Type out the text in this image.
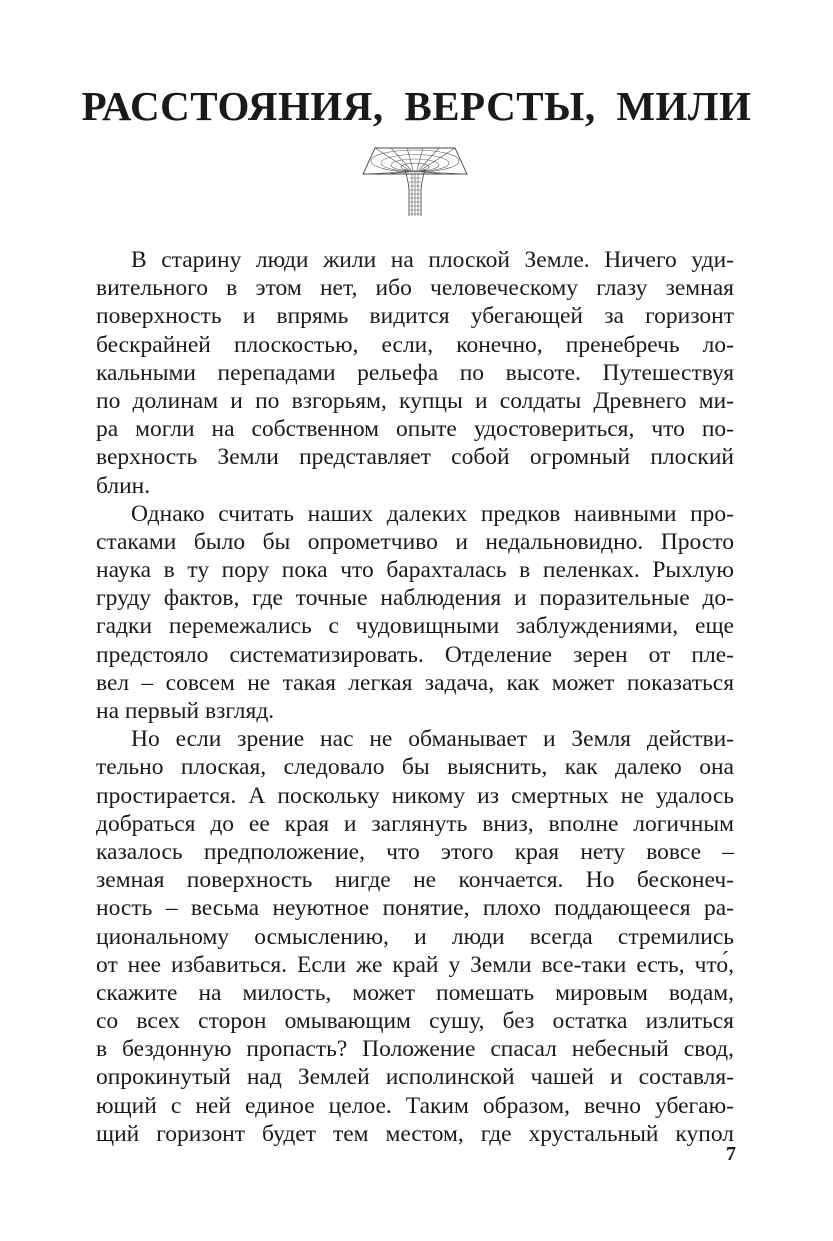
РАССТОЯНИЯ, ВЕРСТЫ, МИЛИ
В старину люди жили на плоской Земле. Ничего уди-
вительного в этом нет, ибо человеческому глазу земная
поверхность и впрямь видится убегающей за горизонт
бескрайней плоскостью, если, конечно, пренебречь ло-
кальными перепадами рельефа по высоте. Путешествуя
по долинам и по взгорьям, купцы и солдаты Древнего ми-
ра могли на собственном опыте удостовериться, что по-
верхность Земли представляет собой огромный плоский
блин.
Однако считать наших далеких предков наивными про-
стаками было бы опрометчиво и недальновидно. Просто
наука в ту пору пока что барахталась в пеленках. Рыхлую
груду фактов, где точные наблюдения и поразительные до-
гадки перемежались с чудовищными заблуждениями, еще
предстояло систематизировать. Отделение зерен от пле-
вел – совсем не такая легкая задача, как может показаться
на первый взгляд.
Но если зрение нас не обманывает и Земля действи-
тельно плоская, следовало бы выяснить, как далеко она
простирается. А поскольку никому из смертных не удалось
добраться до ее края и заглянуть вниз, вполне логичным
казалось предположение, что этого края нету вовсе –
земная поверхность нигде не кончается. Но бесконеч-
ность – весьма неуютное понятие, плохо поддающееся ра-
циональному осмыслению, и люди всегда стремились
от нее избавиться. Если же край у Земли все-таки есть, что́,
скажите на милость, может помешать мировым водам,
со всех сторон омывающим сушу, без остатка излиться
в бездонную пропасть? Положение спасал небесный свод,
опрокинутый над Землей исполинской чашей и составля-
ющий с ней единое целое. Таким образом, вечно убегаю-
щий горизонт будет тем местом, где хрустальный купол
7
